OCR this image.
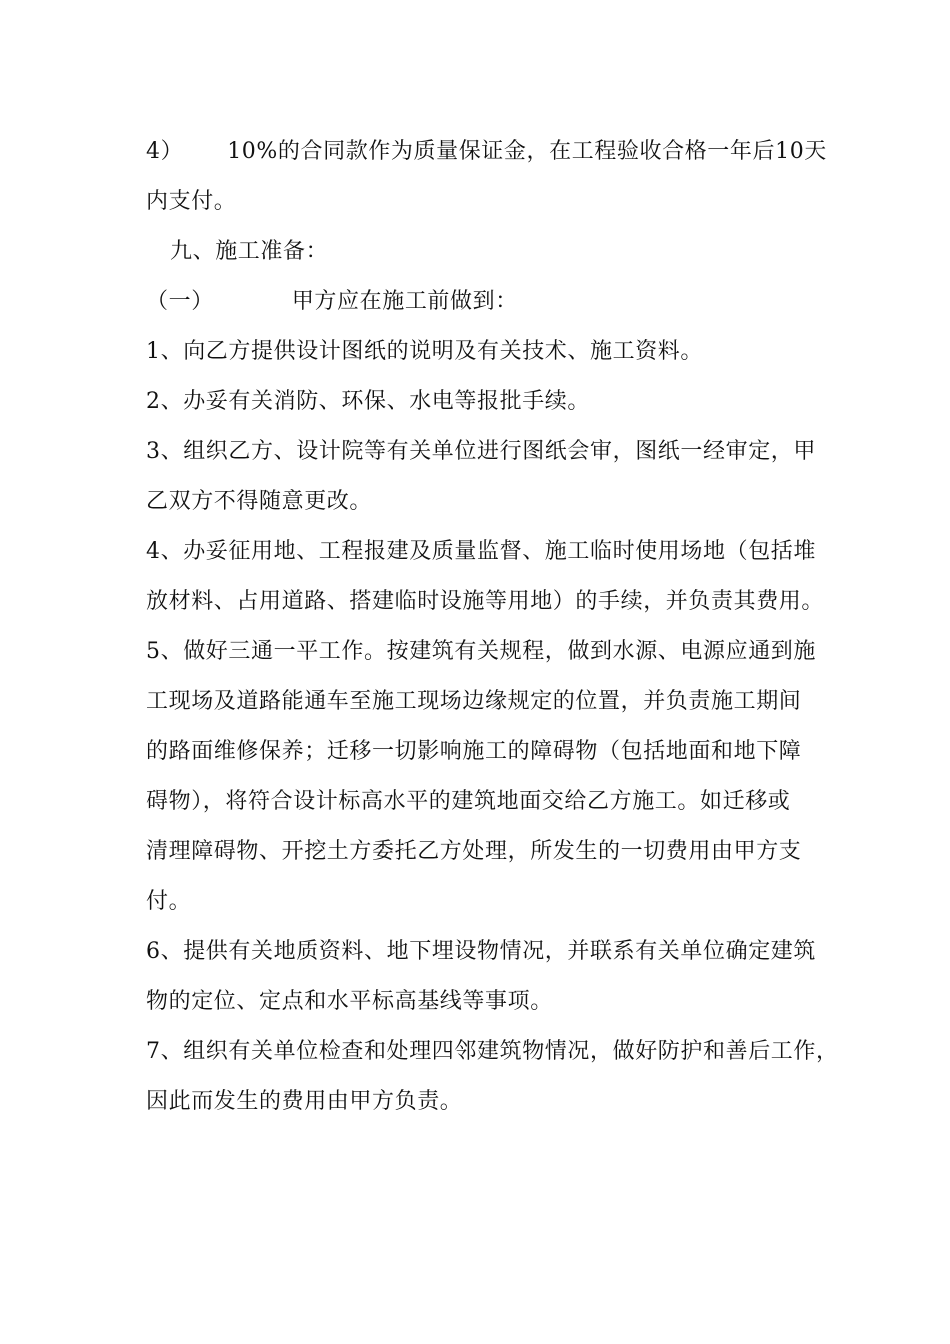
4） 10%的合同款作为质量保证金，在工程验收合格一年后10天
内支付。
九、施工准备：
（一）	甲方应在施工前做到：
1、向乙方提供设计图纸的说明及有关技术、施工资料。
2、办妥有关消防、环保、水电等报批手续。
3、组织乙方、设计院等有关单位进行图纸会审，图纸一经审定，甲
乙双方不得随意更改。
4、办妥征用地、工程报建及质量监督、施工临时使用场地（包括堆
放材料、占用道路、搭建临时设施等用地）的手续，并负责其费用。
5、做好三通一平工作。按建筑有关规程，做到水源、电源应通到施
工现场及道路能通车至施工现场边缘规定的位置，并负责施工期间
的路面维修保养；迁移一切影响施工的障碍物（包括地面和地下障
碍物），将符合设计标高水平的建筑地面交给乙方施工。如迁移或
清理障碍物、开挖土方委托乙方处理，所发生的一切费用由甲方支
付。
6、提供有关地质资料、地下埋设物情况，并联系有关单位确定建筑
物的定位、定点和水平标高基线等事项。
7、组织有关单位检查和处理四邻建筑物情况，做好防护和善后工作，
因此而发生的费用由甲方负责。
